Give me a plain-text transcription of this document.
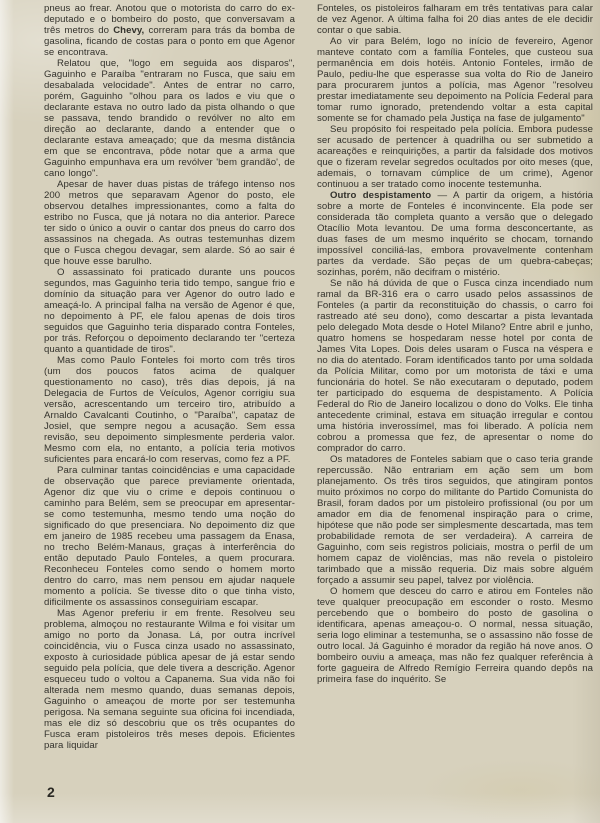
pneus ao frear. Anotou que o motorista do carro do ex-deputado e o bombeiro do posto, que conversavam a três metros do Chevy, correram para trás da bomba de gasolina, ficando de costas para o ponto em que Agenor se encontrava.

Relatou que, "logo em seguida aos disparos", Gaguinho e Paraíba "entraram no Fusca, que saiu em desabalada velocidade". Antes de entrar no carro, porém, Gaguinho "olhou para os lados e viu que o declarante estava no outro lado da pista olhando o que se passava, tendo brandido o revólver no alto em direção ao declarante, dando a entender que o declarante estava ameaçado; que da mesma distância em que se encontrava, pôde notar que a arma que Gaguinho empunhava era um revólver 'bem grandão', de cano longo".

Apesar de haver duas pistas de tráfego intenso nos 200 metros que separavam Agenor do posto, ele observou detalhes impressionantes, como a falta do estribo no Fusca, que já notara no dia anterior. Parece ter sido o único a ouvir o cantar dos pneus do carro dos assassinos na chegada. As outras testemunhas dizem que o Fusca chegou devagar, sem alarde. Só ao sair é que houve esse barulho.

O assassinato foi praticado durante uns poucos segundos, mas Gaguinho teria tido tempo, sangue frio e domínio da situação para ver Agenor do outro lado e ameaçá-lo. A principal falha na versão de Agenor é que, no depoimento à PF, ele falou apenas de dois tiros seguidos que Gaguinho teria disparado contra Fonteles, por trás. Reforçou o depoimento declarando ter "certeza quanto a quantidade de tiros".

Mas como Paulo Fonteles foi morto com três tiros (um dos poucos fatos acima de qualquer questionamento no caso), três dias depois, já na Delegacia de Furtos de Veículos, Agenor corrigiu sua versão, acrescentando um terceiro tiro, atribuído a Arnaldo Cavalcanti Coutinho, o "Paraíba", capataz de Josiel, que sempre negou a acusação. Sem essa revisão, seu depoimento simplesmente perderia valor. Mesmo com ela, no entanto, a polícia teria motivos suficientes para encará-lo com reservas, como fez a PF.

Para culminar tantas coincidências e uma capacidade de observação que parece previamente orientada, Agenor diz que viu o crime e depois continuou o caminho para Belém, sem se preocupar em apresentar-se como testemunha, mesmo tendo uma noção do significado do que presenciara. No depoimento diz que em janeiro de 1985 recebeu uma passagem da Enasa, no trecho Belém-Manaus, graças à interferência do então deputado Paulo Fonteles, a quem procurara. Reconheceu Fonteles como sendo o homem morto dentro do carro, mas nem pensou em ajudar naquele momento a polícia. Se tivesse dito o que tinha visto, dificilmente os assassinos conseguiriam escapar.

Mas Agenor preferiu ir em frente. Resolveu seu problema, almoçou no restaurante Wilma e foi visitar um amigo no porto da Jonasa. Lá, por outra incrível coincidência, viu o Fusca cinza usado no assassinato, exposto à curiosidade pública apesar de já estar sendo seguido pela polícia, que dele tivera a descrição. Agenor esqueceu tudo o voltou a Capanema. Sua vida não foi alterada nem mesmo quando, duas semanas depois, Gaguinho o ameaçou de morte por ser testemunha perigosa. Na semana seguinte sua oficina foi incendiada, mas ele diz só descobriu que os três ocupantes do Fusca eram pistoleiros três meses depois. Eficientes para liquidar

Fonteles, os pistoleiros falharam em três tentativas para calar de vez Agenor. A última falha foi 20 dias antes de ele decidir contar o que sabia.

Ao vir para Belém, logo no início de fevereiro, Agenor manteve contato com a família Fonteles, que custeou sua permanência em dois hotéis. Antonio Fonteles, irmão de Paulo, pediu-lhe que esperasse sua volta do Rio de Janeiro para procurarem juntos a polícia, mas Agenor "resolveu prestar imediatamente seu depoimento na Polícia Federal para tomar rumo ignorado, pretendendo voltar a esta capital somente se for chamado pela Justiça na fase de julgamento"

Seu propósito foi respeitado pela polícia. Embora pudesse ser acusado de pertencer à quadrilha ou ser submetido a acareações e reinquirições, a partir da falsidade dos motivos que o fizeram revelar segredos ocultados por oito meses (que, ademais, o tornavam cúmplice de um crime), Agenor continuou a ser tratado como inocente testemunha.

Outro despistamento — A partir da origem, a história sobre a morte de Fonteles é inconvincente. Ela pode ser considerada tão completa quanto a versão que o delegado Otacílio Mota levantou. De uma forma desconcertante, as duas fases de um mesmo inquérito se chocam, tornando impossível conciliá-las, embora provavelmente contenham partes da verdade. São peças de um quebra-cabeças; sozinhas, porém, não decifram o mistério.

Se não há dúvida de que o Fusca cinza incendiado num ramal da BR-316 era o carro usado pelos assassinos de Fonteles (a partir da reconstituição do chassis, o carro foi rastreado até seu dono), como descartar a pista levantada pelo delegado Mota desde o Hotel Milano? Entre abril e junho, quatro homens se hospedaram nesse hotel por conta de James Vita Lopes. Dois deles usaram o Fusca na véspera e no dia do atentado. Foram identificados tanto por uma soldada da Polícia Militar, como por um motorista de táxi e uma funcionária do hotel. Se não executaram o deputado, podem ter participado do esquema de despistamento. A Polícia Federal do Rio de Janeiro localizou o dono do Volks. Ele tinha antecedente criminal, estava em situação irregular e contou uma história inverossímel, mas foi liberado. A polícia nem cobrou a promessa que fez, de apresentar o nome do comprador do carro.

Os matadores de Fonteles sabiam que o caso teria grande repercussão. Não entrariam em ação sem um bom planejamento. Os três tiros seguidos, que atingiram pontos muito próximos no corpo do militante do Partido Comunista do Brasil, foram dados por um pistoleiro profissional (ou por um amador em dia de fenomenal inspiração para o crime, hipótese que não pode ser simplesmente descartada, mas tem probabilidade remota de ser verdadeira). A carreira de Gaguinho, com seis registros policiais, mostra o perfil de um homem capaz de violências, mas não revela o pistoleiro tarimbado que a missão requeria. Diz mais sobre alguém forçado a assumir seu papel, talvez por violência.

O homem que desceu do carro e atirou em Fonteles não teve qualquer preocupação em esconder o rosto. Mesmo percebendo que o bombeiro do posto de gasolina o identificara, apenas ameaçou-o. O normal, nessa situação, seria logo eliminar a testemunha, se o assassino não fosse de outro local. Já Gaguinho é morador da região há nove anos. O bombeiro ouviu a ameaça, mas não fez qualquer referência à forte gagueira de Alfredo Remígio Ferreira quando depôs na primeira fase do inquérito. Se

2
